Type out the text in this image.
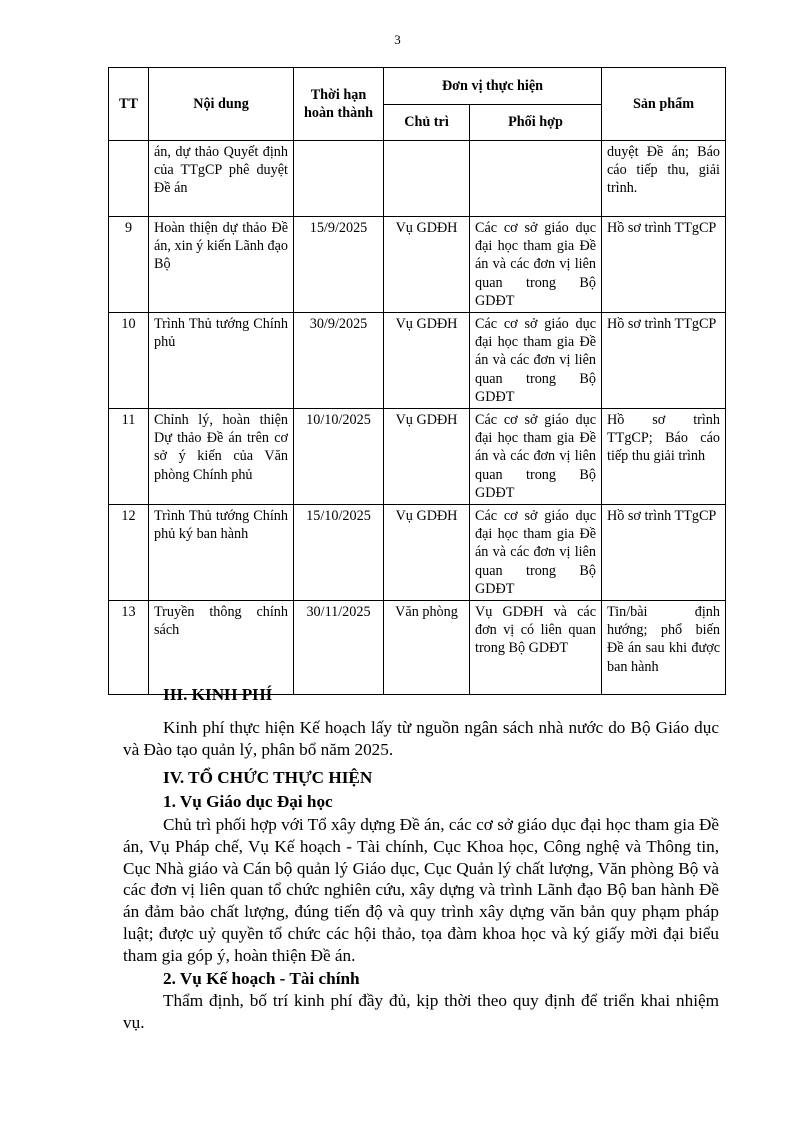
3
TT	Nội dung	Thời hạn hoàn thành	Đơn vị thực hiện		Sản phẩm
			Chủ trì	Phối hợp	
	án, dự thảo Quyết định của TTgCP phê duyệt Đề án				duyệt Đề án; Báo cáo tiếp thu, giải trình.
9	Hoàn thiện dự thảo Đề án, xin ý kiến Lãnh đạo Bộ	15/9/2025	Vụ GDĐH	Các cơ sở giáo dục đại học tham gia Đề án và các đơn vị liên quan trong Bộ GDĐT	Hồ sơ trình TTgCP
10	Trình Thủ tướng Chính phủ	30/9/2025	Vụ GDĐH	Các cơ sở giáo dục đại học tham gia Đề án và các đơn vị liên quan trong Bộ GDĐT	Hồ sơ trình TTgCP
11	Chỉnh lý, hoàn thiện Dự thảo Đề án trên cơ sở ý kiến của Văn phòng Chính phủ	10/10/2025	Vụ GDĐH	Các cơ sở giáo dục đại học tham gia Đề án và các đơn vị liên quan trong Bộ GDĐT	Hồ sơ trình TTgCP; Báo cáo tiếp thu giải trình
12	Trình Thủ tướng Chính phủ ký ban hành	15/10/2025	Vụ GDĐH	Các cơ sở giáo dục đại học tham gia Đề án và các đơn vị liên quan trong Bộ GDĐT	Hồ sơ trình TTgCP
13	Truyền thông chính sách	30/11/2025	Văn phòng	Vụ GDĐH và các đơn vị có liên quan trong Bộ GDĐT	Tin/bài định hướng; phổ biến Đề án sau khi được ban hành
III. KINH PHÍ
Kinh phí thực hiện Kế hoạch lấy từ nguồn ngân sách nhà nước do Bộ Giáo dục và Đào tạo quản lý, phân bổ năm 2025.
IV. TỔ CHỨC THỰC HIỆN
1. Vụ Giáo dục Đại học
Chủ trì phối hợp với Tổ xây dựng Đề án, các cơ sở giáo dục đại học tham gia Đề án, Vụ Pháp chế, Vụ Kế hoạch - Tài chính, Cục Khoa học, Công nghệ và Thông tin, Cục Nhà giáo và Cán bộ quản lý Giáo dục, Cục Quản lý chất lượng, Văn phòng Bộ và các đơn vị liên quan tổ chức nghiên cứu, xây dựng và trình Lãnh đạo Bộ ban hành Đề án đảm bảo chất lượng, đúng tiến độ và quy trình xây dựng văn bản quy phạm pháp luật; được uỷ quyền tổ chức các hội thảo, tọa đàm khoa học và ký giấy mời đại biểu tham gia góp ý, hoàn thiện Đề án.
2. Vụ Kế hoạch - Tài chính
Thẩm định, bố trí kinh phí đầy đủ, kịp thời theo quy định để triển khai nhiệm vụ.
